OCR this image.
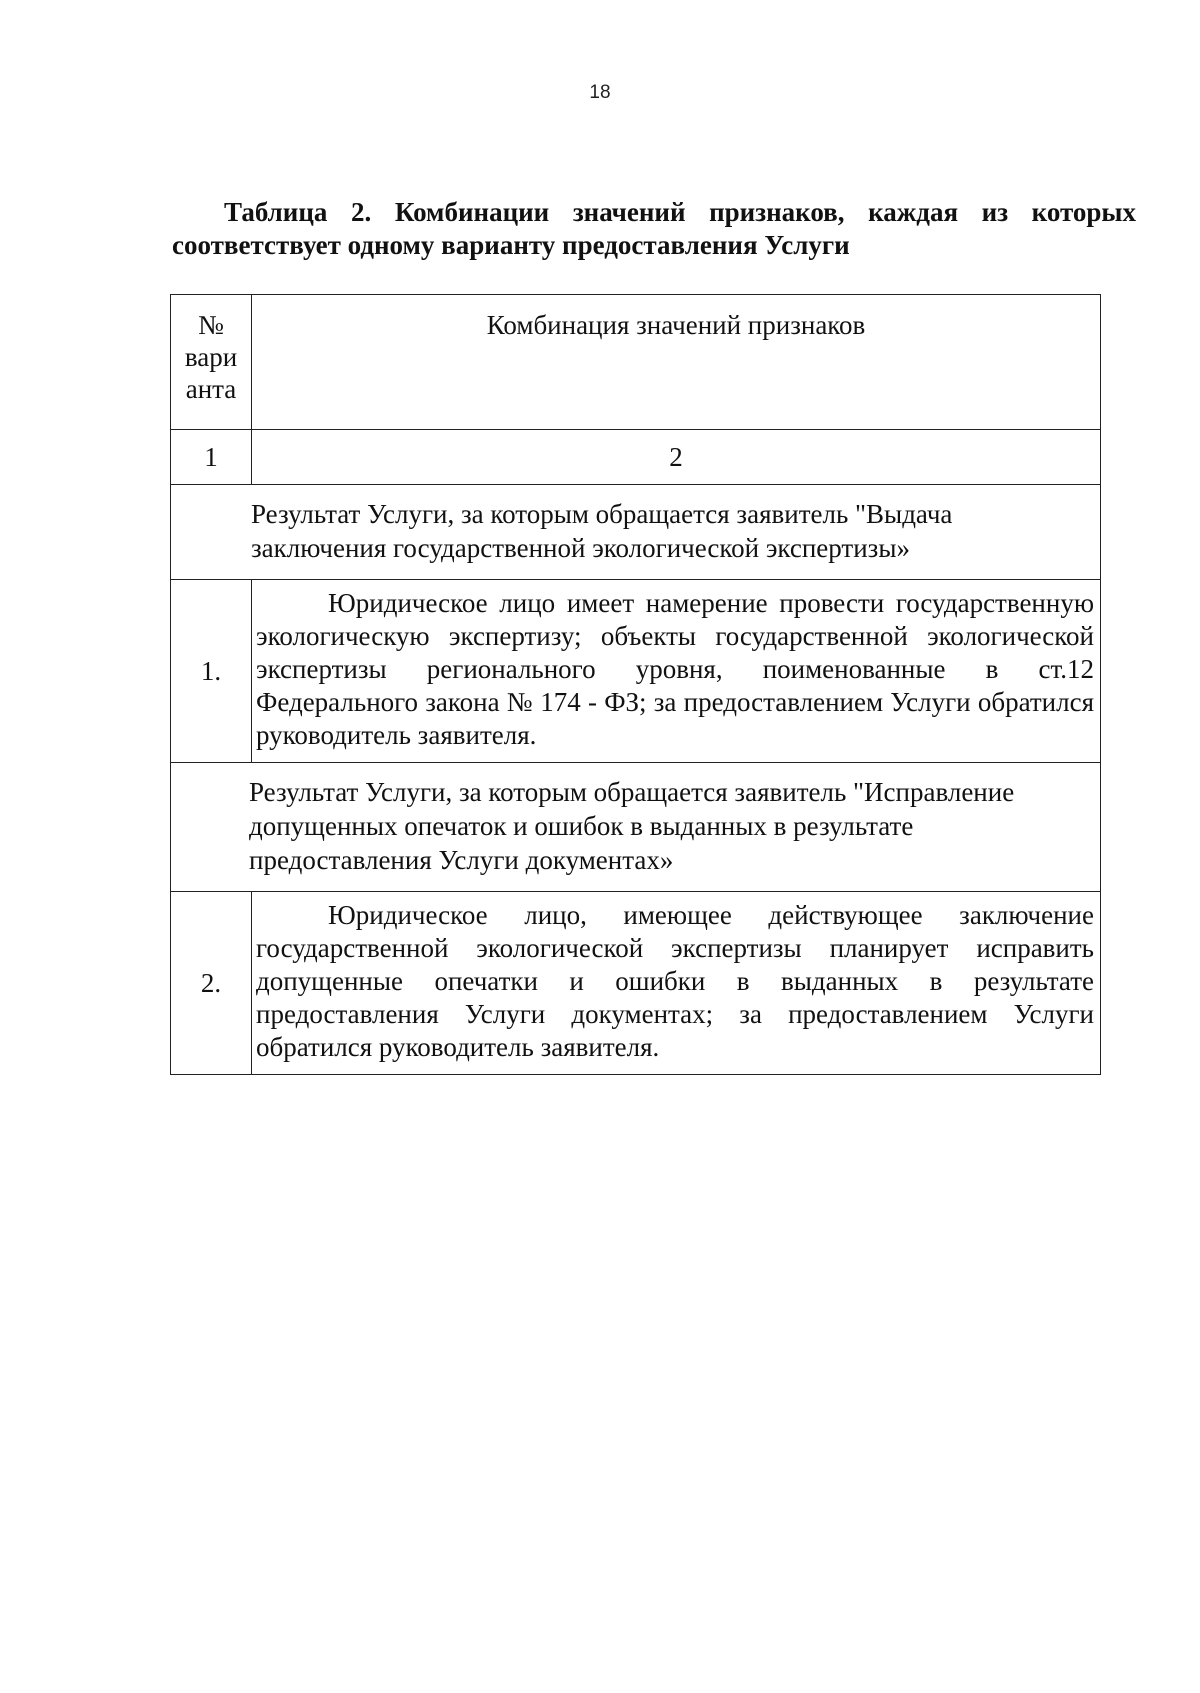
18
Таблица 2. Комбинации значений признаков, каждая из которых
соответствует одному варианту предоставления Услуги
№
вари
анта	Комбинация значений признаков
1	2
Результат Услуги, за которым обращается заявитель "Выдача заключения государственной экологической экспертизы»	
1.	Юридическое лицо имеет намерение провести государственную экологическую экспертизу; объекты государственной экологической экспертизы регионального уровня, поименованные в ст.12 Федерального закона № 174 - ФЗ; за предоставлением Услуги обратился руководитель заявителя.
Результат Услуги, за которым обращается заявитель "Исправление допущенных опечаток и ошибок в выданных в результате предоставления Услуги документах»	
2.	Юридическое лицо, имеющее действующее заключение государственной экологической экспертизы планирует исправить допущенные опечатки и ошибки в выданных в результате предоставления Услуги документах; за предоставлением Услуги обратился руководитель заявителя.
